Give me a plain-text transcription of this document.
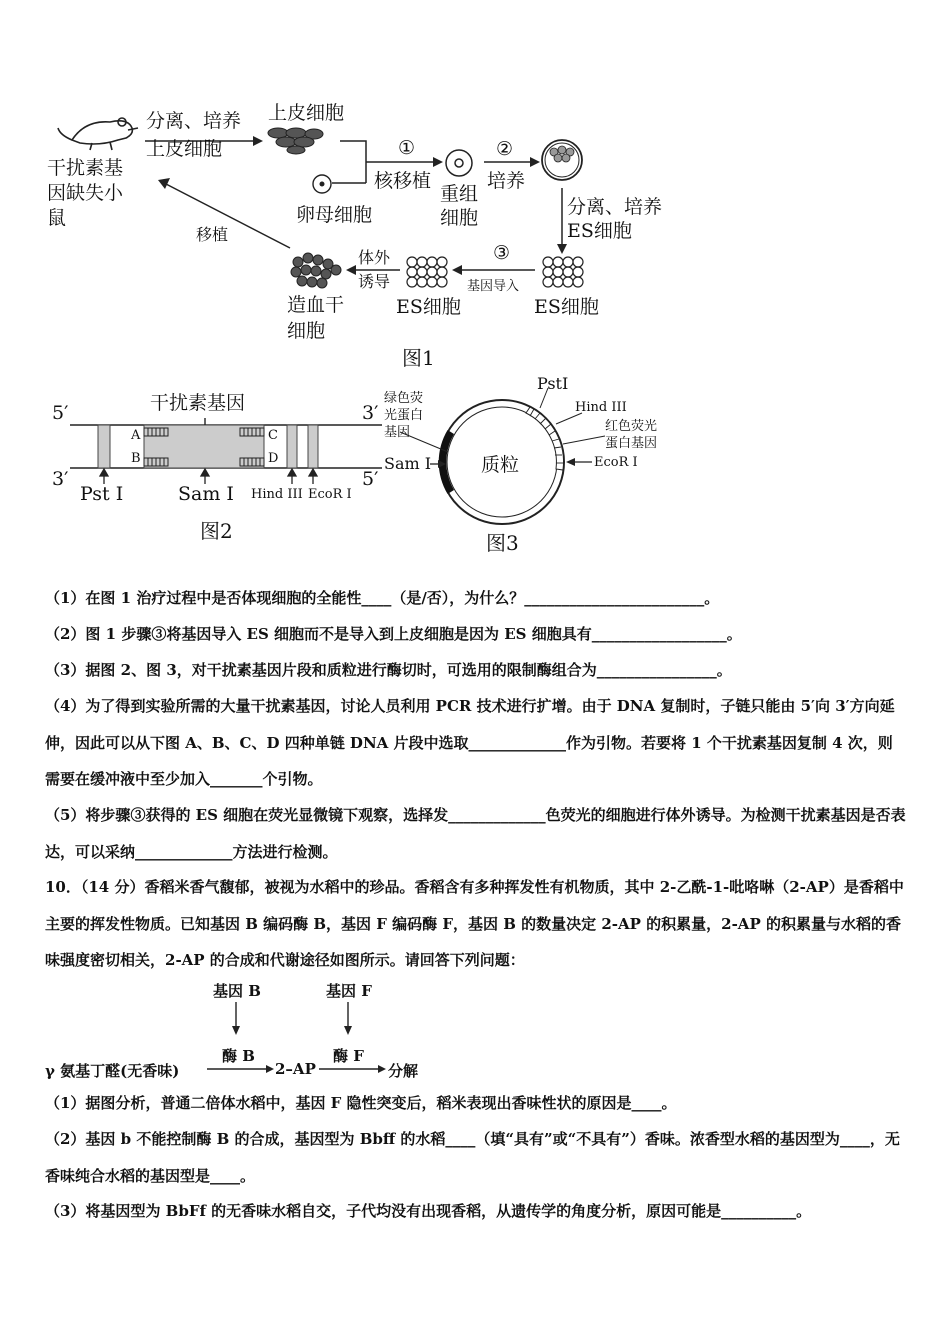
干扰素基
因缺失小
鼠
分离、培养
上皮细胞
上皮细胞
①
核移植
卵母细胞
重组
细胞
②
培养
分离、培养
ES细胞
③
基因导入
ES细胞
ES细胞
体外
诱导
造血干
细胞
移植
图1
干扰素基因
5′	3′
3′	5′
A
B
C
D
Pst I	Sam I Hind III EcoR I
图2
绿色荧
光蛋白
基因
PstI
Hind III
红色荧光
蛋白基因
Sam I	质粒	EcoR I
图3
（1）在图 1 治疗过程中是否体现细胞的全能性____（是/否），为什么？________________________。
（2）图 1 步骤③将基因导入 ES 细胞而不是导入到上皮细胞是因为 ES 细胞具有__________________。
（3）据图 2、图 3，对干扰素基因片段和质粒进行酶切时，可选用的限制酶组合为________________。
（4）为了得到实验所需的大量干扰素基因，讨论人员利用 PCR 技术进行扩增。由于 DNA 复制时，子链只能由 5′向 3′方向延伸，因此可以从下图 A、B、C、D 四种单链 DNA 片段中选取_____________作为引物。若要将 1 个干扰素基因复制 4 次，则需要在缓冲液中至少加入_______个引物。
（5）将步骤③获得的 ES 细胞在荧光显微镜下观察，选择发_____________色荧光的细胞进行体外诱导。为检测干扰素基因是否表达，可以采纳_____________方法进行检测。
10．（14 分）香稻米香气馥郁，被视为水稻中的珍品。香稻含有多种挥发性有机物质，其中 2-乙酰-1-吡咯啉（2-AP）是香稻中主要的挥发性物质。已知基因 B 编码酶 B，基因 F 编码酶 F，基因 B 的数量决定 2-AP 的积累量，2-AP 的积累量与水稻的香味强度密切相关，2-AP 的合成和代谢途径如图所示。请回答下列问题：
基因 B	基因 F
酶 B	酶 F
γ 氨基丁醛(无香味)	2–AP	分解
（1）据图分析，普通二倍体水稻中，基因 F 隐性突变后，稻米表现出香味性状的原因是____。
（2）基因 b 不能控制酶 B 的合成，基因型为 Bbff 的水稻____（填“具有”或“不具有”）香味。浓香型水稻的基因型为____，无香味纯合水稻的基因型是____。
（3）将基因型为 BbFf 的无香味水稻自交，子代均没有出现香稻，从遗传学的角度分析，原因可能是__________。
